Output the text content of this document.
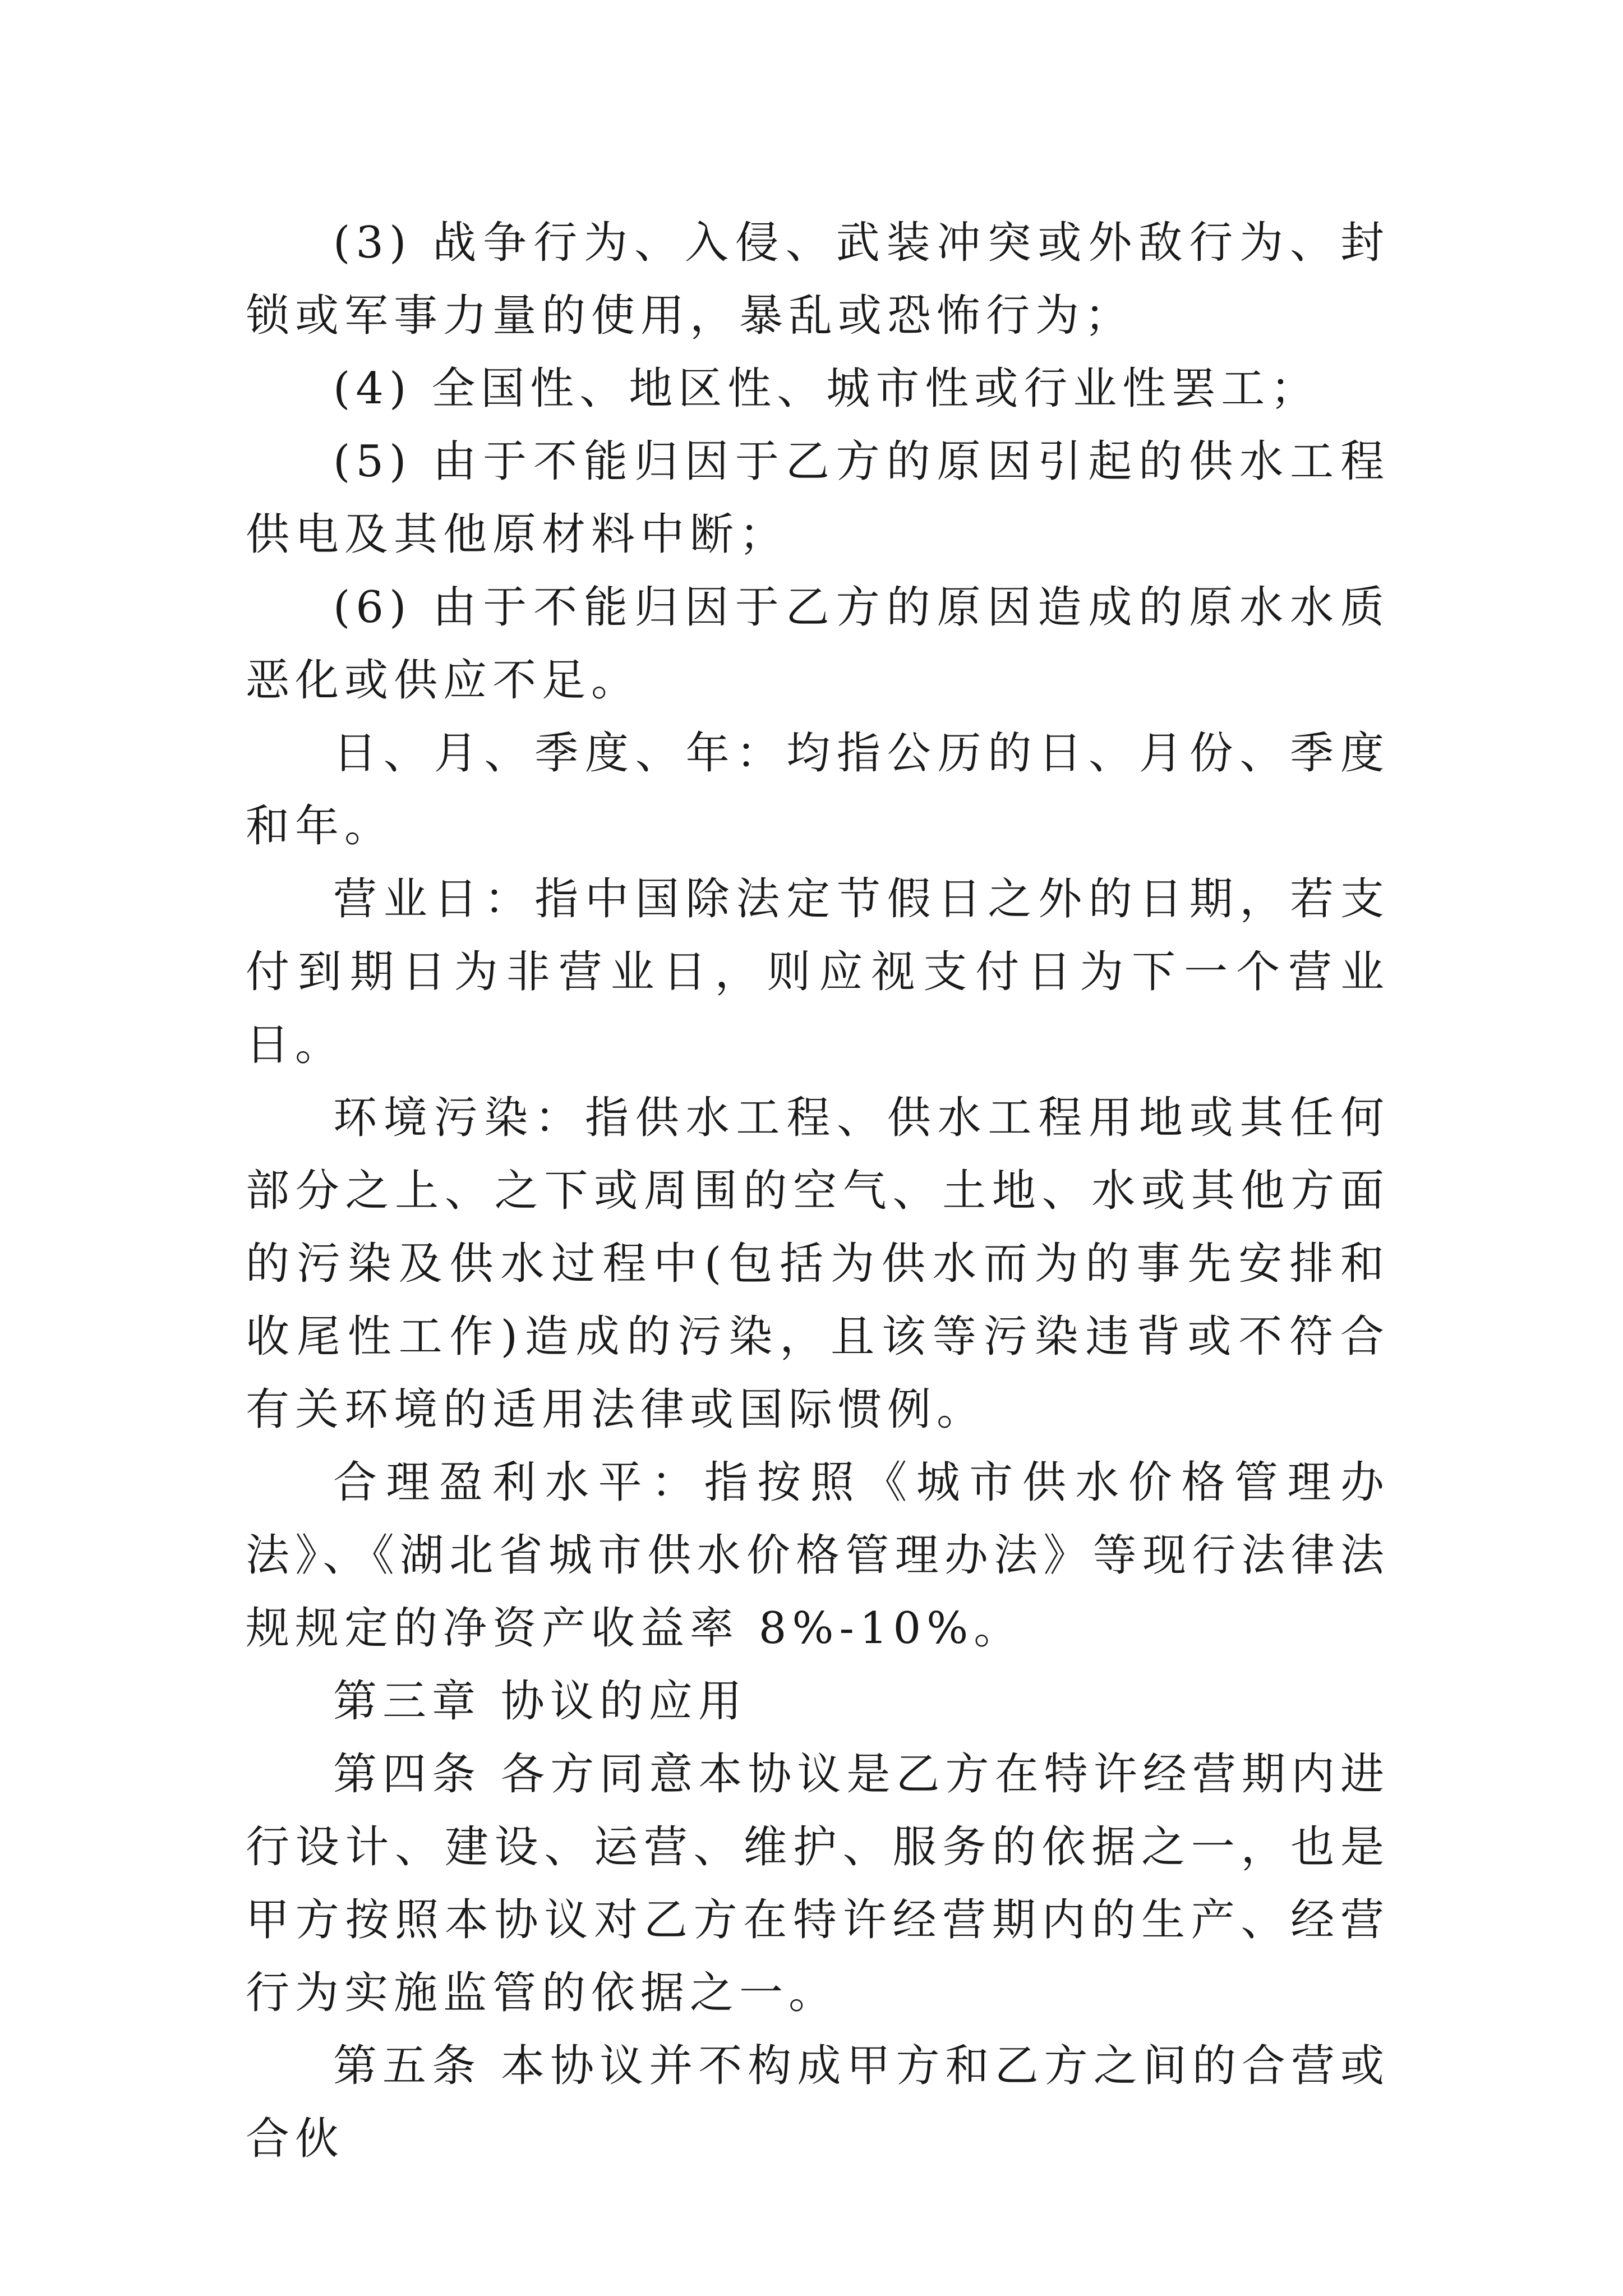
(3) 战争行为、入侵、武装冲突或外敌行为、封锁或军事力量的使用，暴乱或恐怖行为；

(4) 全国性、地区性、城市性或行业性罢工；

(5) 由于不能归因于乙方的原因引起的供水工程供电及其他原材料中断；

(6) 由于不能归因于乙方的原因造成的原水水质恶化或供应不足。

日、月、季度、年：均指公历的日、月份、季度和年。

营业日：指中国除法定节假日之外的日期，若支付到期日为非营业日，则应视支付日为下一个营业日。

环境污染：指供水工程、供水工程用地或其任何部分之上、之下或周围的空气、土地、水或其他方面的污染及供水过程中(包括为供水而为的事先安排和收尾性工作)造成的污染，且该等污染违背或不符合有关环境的适用法律或国际惯例。

合理盈利水平：指按照《城市供水价格管理办法》、《湖北省城市供水价格管理办法》等现行法律法规规定的净资产收益率 8%-10%。

第三章 协议的应用

第四条 各方同意本协议是乙方在特许经营期内进行设计、建设、运营、维护、服务的依据之一，也是甲方按照本协议对乙方在特许经营期内的生产、经营行为实施监管的依据之一。

第五条 本协议并不构成甲方和乙方之间的合营或合伙
